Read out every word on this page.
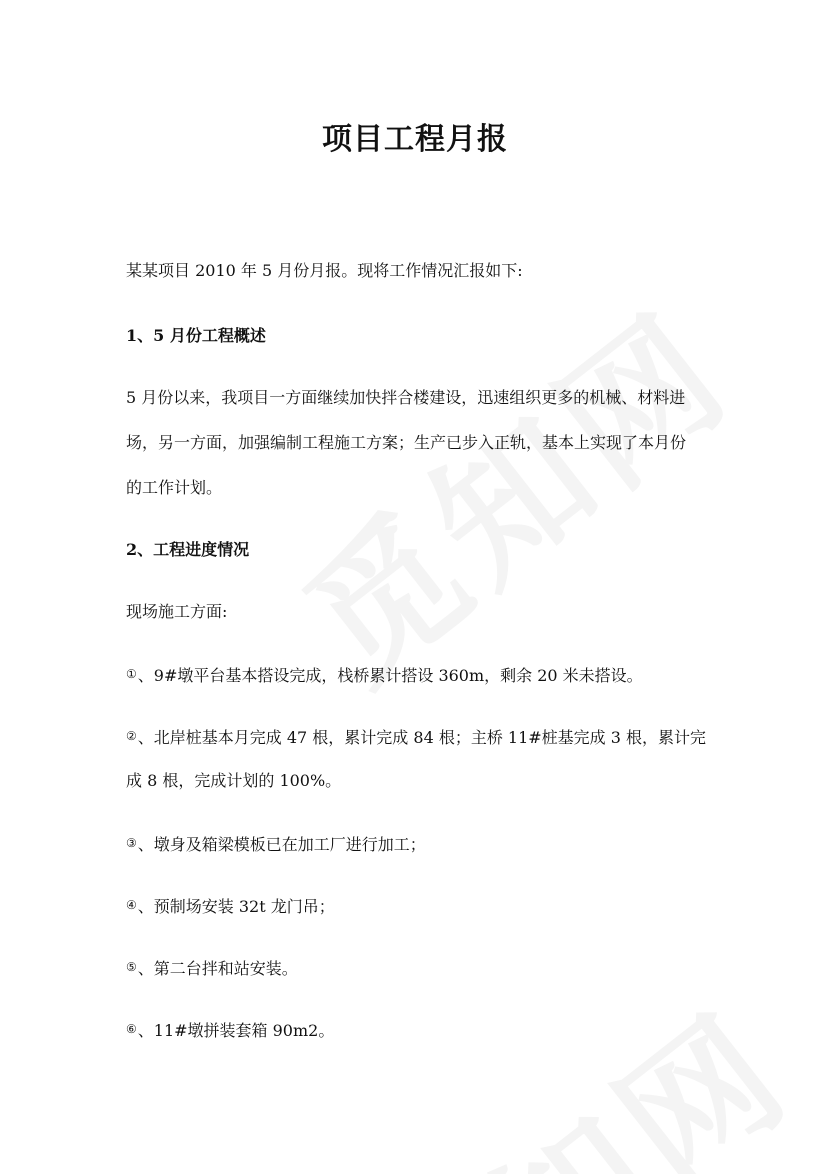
项目工程月报

某某项目 2010 年 5 月份月报。现将工作情况汇报如下:

1、5 月份工程概述

5 月份以来，我项目一方面继续加快拌合楼建设，迅速组织更多的机械、材料进

场，另一方面，加强编制工程施工方案；生产已步入正轨，基本上实现了本月份

的工作计划。

2、工程进度情况

现场施工方面:

①、9#墩平台基本搭设完成，栈桥累计搭设 360m，剩余 20 米未搭设。

②、北岸桩基本月完成 47 根，累计完成 84 根；主桥 11#桩基完成 3 根，累计完

成 8 根，完成计划的 100%。

③、墩身及箱梁模板已在加工厂进行加工；

④、预制场安装 32t 龙门吊；

⑤、第二台拌和站安装。

⑥、11#墩拼装套箱 90m2。
